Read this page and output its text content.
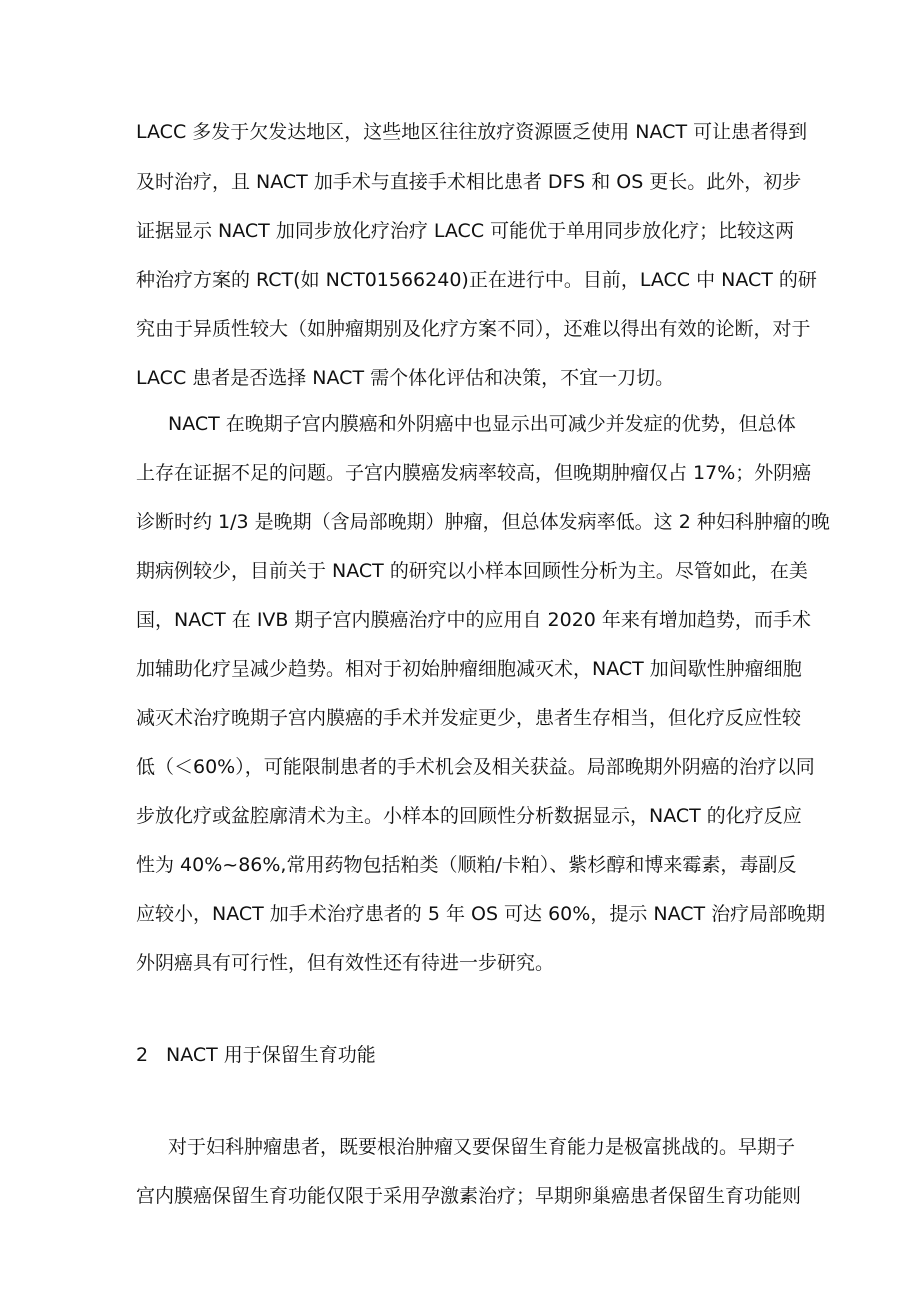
LACC 多发于欠发达地区，这些地区往往放疗资源匮乏使用 NACT 可让患者得到
及时治疗，且 NACT 加手术与直接手术相比患者 DFS 和 OS 更长。此外，初步
证据显示 NACT 加同步放化疗治疗 LACC 可能优于单用同步放化疗；比较这两
种治疗方案的 RCT(如 NCT01566240)正在进行中。目前，LACC 中 NACT 的研
究由于异质性较大（如肿瘤期别及化疗方案不同），还难以得出有效的论断，对于
LACC 患者是否选择 NACT 需个体化评估和决策，不宜一刀切。
NACT 在晚期子宫内膜癌和外阴癌中也显示出可减少并发症的优势，但总体
上存在证据不足的问题。子宫内膜癌发病率较高，但晚期肿瘤仅占 17%；外阴癌
诊断时约 1/3 是晚期（含局部晚期）肿瘤，但总体发病率低。这 2 种妇科肿瘤的晚
期病例较少，目前关于 NACT 的研究以小样本回顾性分析为主。尽管如此，在美
国，NACT 在 IVB 期子宫内膜癌治疗中的应用自 2020 年来有增加趋势，而手术
加辅助化疗呈减少趋势。相对于初始肿瘤细胞减灭术，NACT 加间歇性肿瘤细胞
减灭术治疗晚期子宫内膜癌的手术并发症更少，患者生存相当，但化疗反应性较
低（＜60%），可能限制患者的手术机会及相关获益。局部晚期外阴癌的治疗以同
步放化疗或盆腔廓清术为主。小样本的回顾性分析数据显示，NACT 的化疗反应
性为 40%~86%,常用药物包括粕类（顺粕/卡粕）、紫杉醇和博来霉素，毒副反
应较小，NACT 加手术治疗患者的 5 年 OS 可达 60%，提示 NACT 治疗局部晚期
外阴癌具有可行性，但有效性还有待进一步研究。
2 NACT 用于保留生育功能
对于妇科肿瘤患者，既要根治肿瘤又要保留生育能力是极富挑战的。早期子
宫内膜癌保留生育功能仅限于采用孕激素治疗；早期卵巢癌患者保留生育功能则
